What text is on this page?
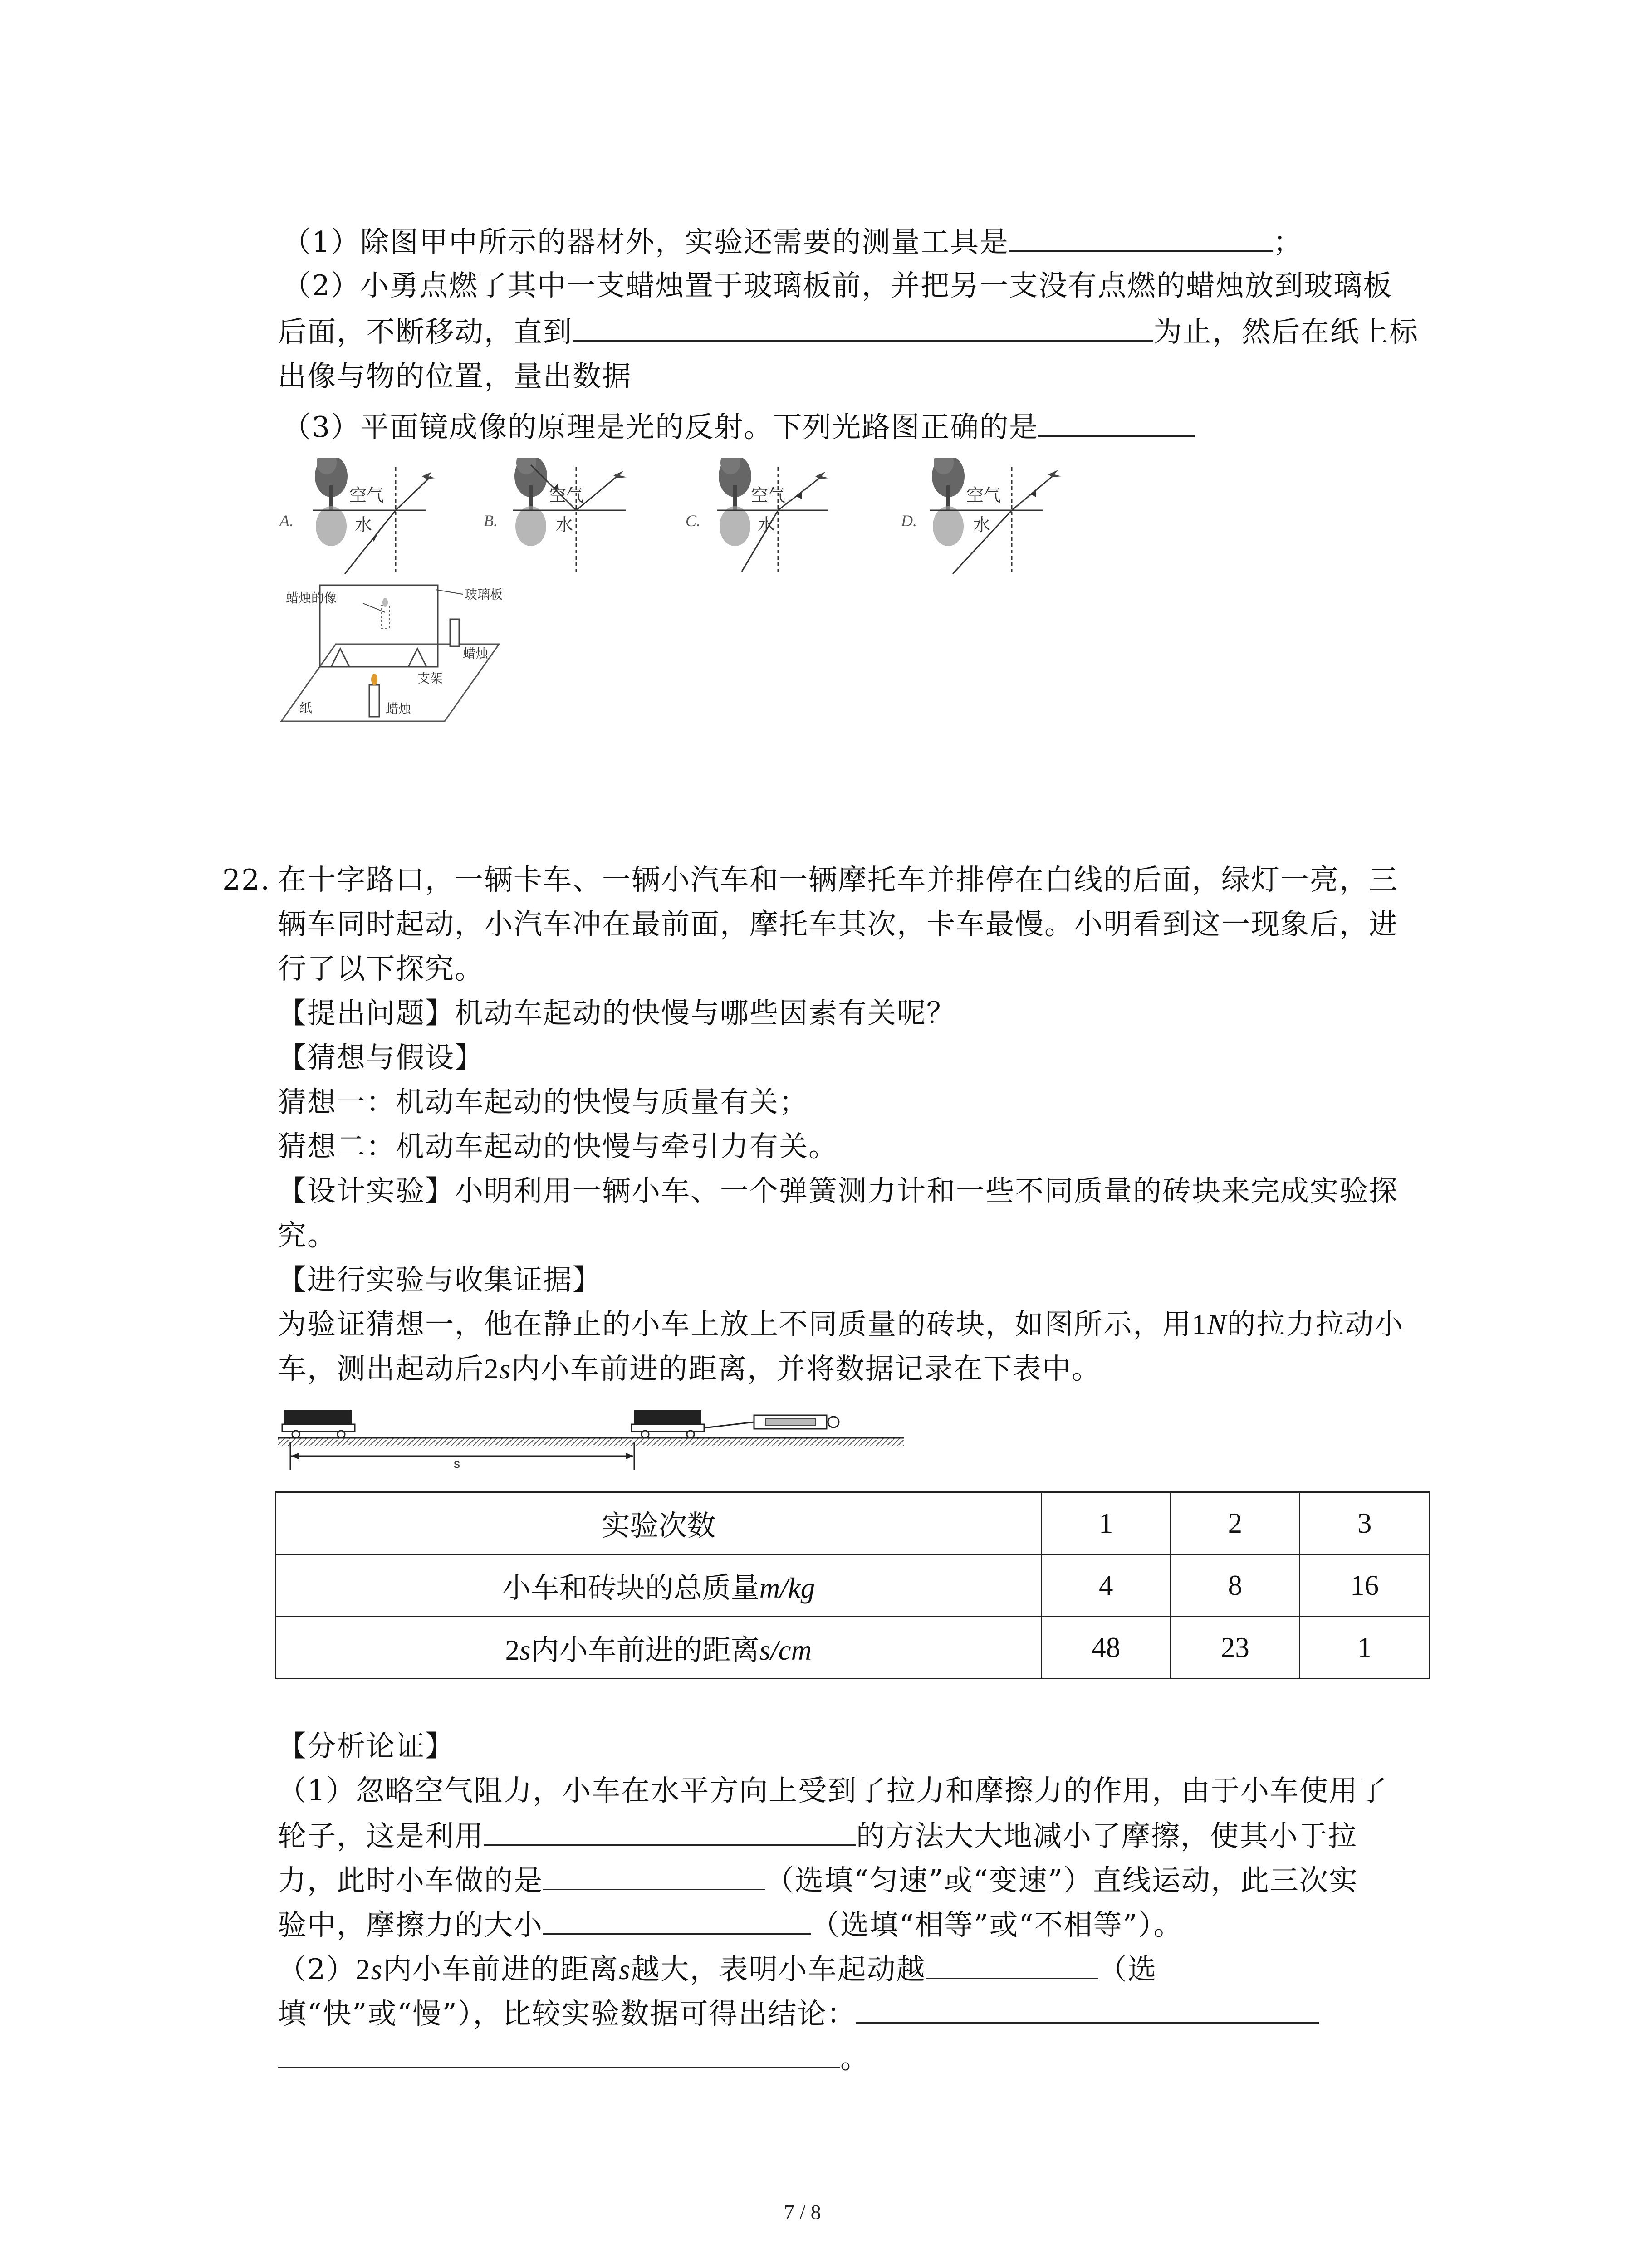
（1）除图甲中所示的器材外，实验还需要的测量工具是	；
（2）小勇点燃了其中一支蜡烛置于玻璃板前，并把另一支没有点燃的蜡烛放到玻璃板
后面，不断移动，直到	为止，然后在纸上标
出像与物的位置，量出数据
（3）平面镜成像的原理是光的反射。下列光路图正确的是
A.
空气
水	B.
空气
水	C.
空气
水	D.
空气
水
蜡烛的像	玻璃板
蜡烛
支架
纸	蜡烛
22. 在十字路口，一辆卡车、一辆小汽车和一辆摩托车并排停在白线的后面，绿灯一亮，三
辆车同时起动，小汽车冲在最前面，摩托车其次，卡车最慢。小明看到这一现象后，进
行了以下探究。
【提出问题】机动车起动的快慢与哪些因素有关呢？
【猜想与假设】
猜想一：机动车起动的快慢与质量有关；
猜想二：机动车起动的快慢与牵引力有关。
【设计实验】小明利用一辆小车、一个弹簧测力计和一些不同质量的砖块来完成实验探
究。
【进行实验与收集证据】
为验证猜想一，他在静止的小车上放上不同质量的砖块，如图所示，用1N的拉力拉动小
车，测出起动后2s内小车前进的距离，并将数据记录在下表中。
s
实验次数	1	2	3
小车和砖块的总质量m/kg	4	8	16
2s内小车前进的距离s/cm	48	23	1
【分析论证】
（1）忽略空气阻力，小车在水平方向上受到了拉力和摩擦力的作用，由于小车使用了
轮子，这是利用	的方法大大地减小了摩擦，使其小于拉
力，此时小车做的是	（选填“匀速”或“变速”）直线运动，此三次实
验中，摩擦力的大小	（选填“相等”或“不相等”）。
（2）2s内小车前进的距离s越大，表明小车起动越	（选
填“快”或“慢”），比较实验数据可得出结论：
。
7 / 8
